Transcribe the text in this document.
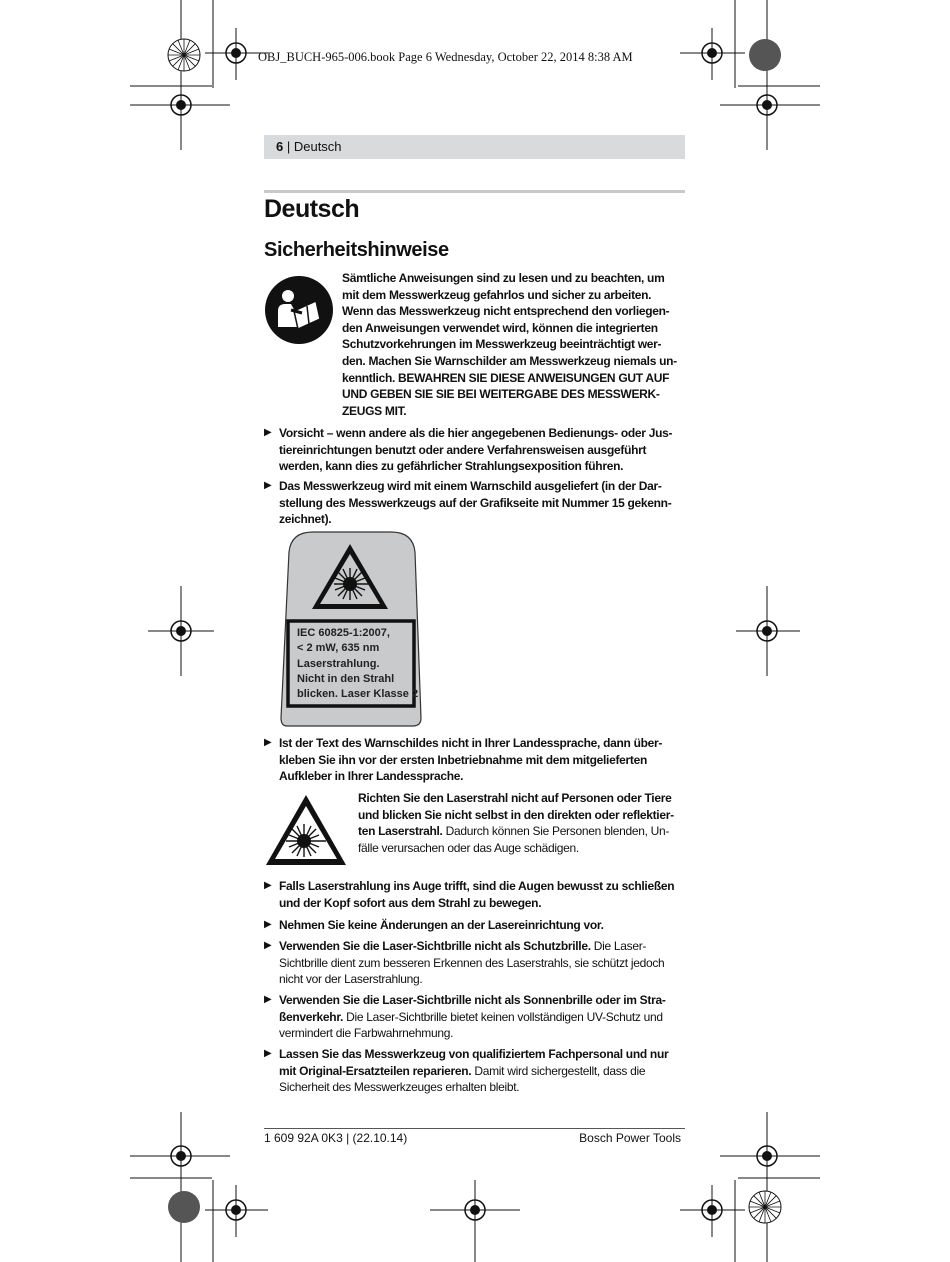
OBJ_BUCH-965-006.book Page 6 Wednesday, October 22, 2014 8:38 AM
6 | Deutsch
Deutsch
Sicherheitshinweise
Sämtliche Anweisungen sind zu lesen und zu beachten, um
mit dem Messwerkzeug gefahrlos und sicher zu arbeiten.
Wenn das Messwerkzeug nicht entsprechend den vorliegen-
den Anweisungen verwendet wird, können die integrierten
Schutzvorkehrungen im Messwerkzeug beeinträchtigt wer-
den. Machen Sie Warnschilder am Messwerkzeug niemals un-
kenntlich. BEWAHREN SIE DIESE ANWEISUNGEN GUT AUF
UND GEBEN SIE SIE BEI WEITERGABE DES MESSWERK-
ZEUGS MIT.
▶ Vorsicht – wenn andere als die hier angegebenen Bedienungs- oder Jus-
tiereinrichtungen benutzt oder andere Verfahrensweisen ausgeführt
werden, kann dies zu gefährlicher Strahlungsexposition führen.
▶ Das Messwerkzeug wird mit einem Warnschild ausgeliefert (in der Dar-
stellung des Messwerkzeugs auf der Grafikseite mit Nummer 15 gekenn-
zeichnet).
IEC 60825-1:2007,
< 2 mW, 635 nm
Laserstrahlung.
Nicht in den Strahl
blicken. Laser Klasse 2
▶ Ist der Text des Warnschildes nicht in Ihrer Landessprache, dann über-
kleben Sie ihn vor der ersten Inbetriebnahme mit dem mitgelieferten
Aufkleber in Ihrer Landessprache.
Richten Sie den Laserstrahl nicht auf Personen oder Tiere
und blicken Sie nicht selbst in den direkten oder reflektier-
ten Laserstrahl. Dadurch können Sie Personen blenden, Un-
fälle verursachen oder das Auge schädigen.
▶ Falls Laserstrahlung ins Auge trifft, sind die Augen bewusst zu schließen
und der Kopf sofort aus dem Strahl zu bewegen.
▶ Nehmen Sie keine Änderungen an der Lasereinrichtung vor.
▶ Verwenden Sie die Laser-Sichtbrille nicht als Schutzbrille. Die Laser-
Sichtbrille dient zum besseren Erkennen des Laserstrahls, sie schützt jedoch
nicht vor der Laserstrahlung.
▶ Verwenden Sie die Laser-Sichtbrille nicht als Sonnenbrille oder im Stra-
ßenverkehr. Die Laser-Sichtbrille bietet keinen vollständigen UV-Schutz und
vermindert die Farbwahrnehmung.
▶ Lassen Sie das Messwerkzeug von qualifiziertem Fachpersonal und nur
mit Original-Ersatzteilen reparieren. Damit wird sichergestellt, dass die
Sicherheit des Messwerkzeuges erhalten bleibt.
1 609 92A 0K3 | (22.10.14)	Bosch Power Tools
